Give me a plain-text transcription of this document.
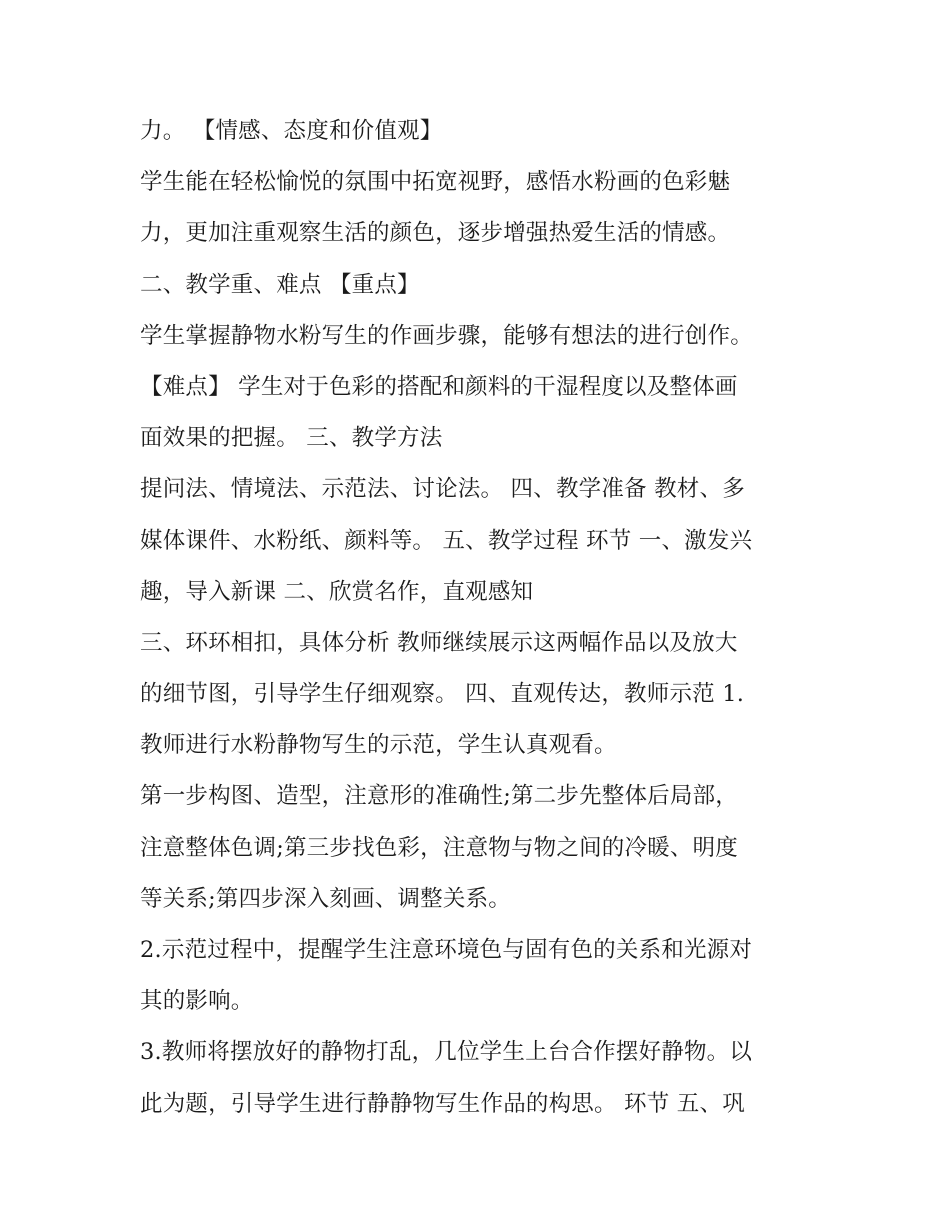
力。 【情感、态度和价值观】
学生能在轻松愉悦的氛围中拓宽视野，感悟水粉画的色彩魅
力，更加注重观察生活的颜色，逐步增强热爱生活的情感。
二、教学重、难点 【重点】
学生掌握静物水粉写生的作画步骤，能够有想法的进行创作。
【难点】 学生对于色彩的搭配和颜料的干湿程度以及整体画
面效果的把握。 三、教学方法
提问法、情境法、示范法、讨论法。 四、教学准备 教材、多
媒体课件、水粉纸、颜料等。 五、教学过程 环节 一、激发兴
趣，导入新课 二、欣赏名作，直观感知
三、环环相扣，具体分析 教师继续展示这两幅作品以及放大
的细节图，引导学生仔细观察。 四、直观传达，教师示范 1.
教师进行水粉静物写生的示范，学生认真观看。
第一步构图、造型，注意形的准确性;第二步先整体后局部，
注意整体色调;第三步找色彩，注意物与物之间的冷暖、明度
等关系;第四步深入刻画、调整关系。
2.示范过程中，提醒学生注意环境色与固有色的关系和光源对
其的影响。
3.教师将摆放好的静物打乱，几位学生上台合作摆好静物。以
此为题，引导学生进行静静物写生作品的构思。 环节 五、巩
